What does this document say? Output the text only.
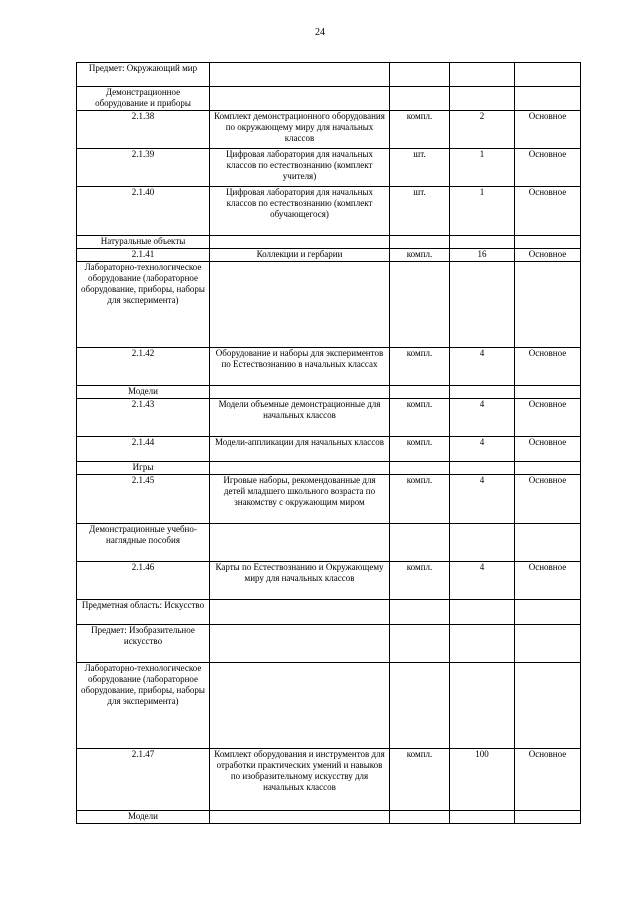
24
Предмет: Окружающий мир				
Демонстрационное оборудование и приборы				
2.1.38	Комплект демонстрационного оборудования по окружающему миру для начальных классов	компл.	2	Основное
2.1.39	Цифровая лаборатория для начальных классов по естествознанию (комплект учителя)	шт.	1	Основное
2.1.40	Цифровая лаборатория для начальных классов по естествознанию (комплект обучающегося)	шт.	1	Основное
Натуральные объекты				
2.1.41	Коллекции и гербарии	компл.	16	Основное
Лабораторно-технологическое оборудование (лабораторное оборудование, приборы, наборы для эксперимента)				
2.1.42	Оборудование и наборы для экспериментов по Естествознанию в начальных классах	компл.	4	Основное
Модели				
2.1.43	Модели объемные демонстрационные для начальных классов	компл.	4	Основное
2.1.44	Модели-аппликации для начальных классов	компл.	4	Основное
Игры				
2.1.45	Игровые наборы, рекомендованные для детей младшего школьного возраста по знакомству с окружающим миром	компл.	4	Основное
Демонстрационные учебно-наглядные пособия				
2.1.46	Карты по Естествознанию и Окружающему миру для начальных классов	компл.	4	Основное
Предметная область: Искусство				
Предмет: Изобразительное искусство				
Лабораторно-технологическое оборудование (лабораторное оборудование, приборы, наборы для эксперимента)				
2.1.47	Комплект оборудования и инструментов для отработки практических умений и навыков по изобразительному искусству для начальных классов	компл.	100	Основное
Модели				
